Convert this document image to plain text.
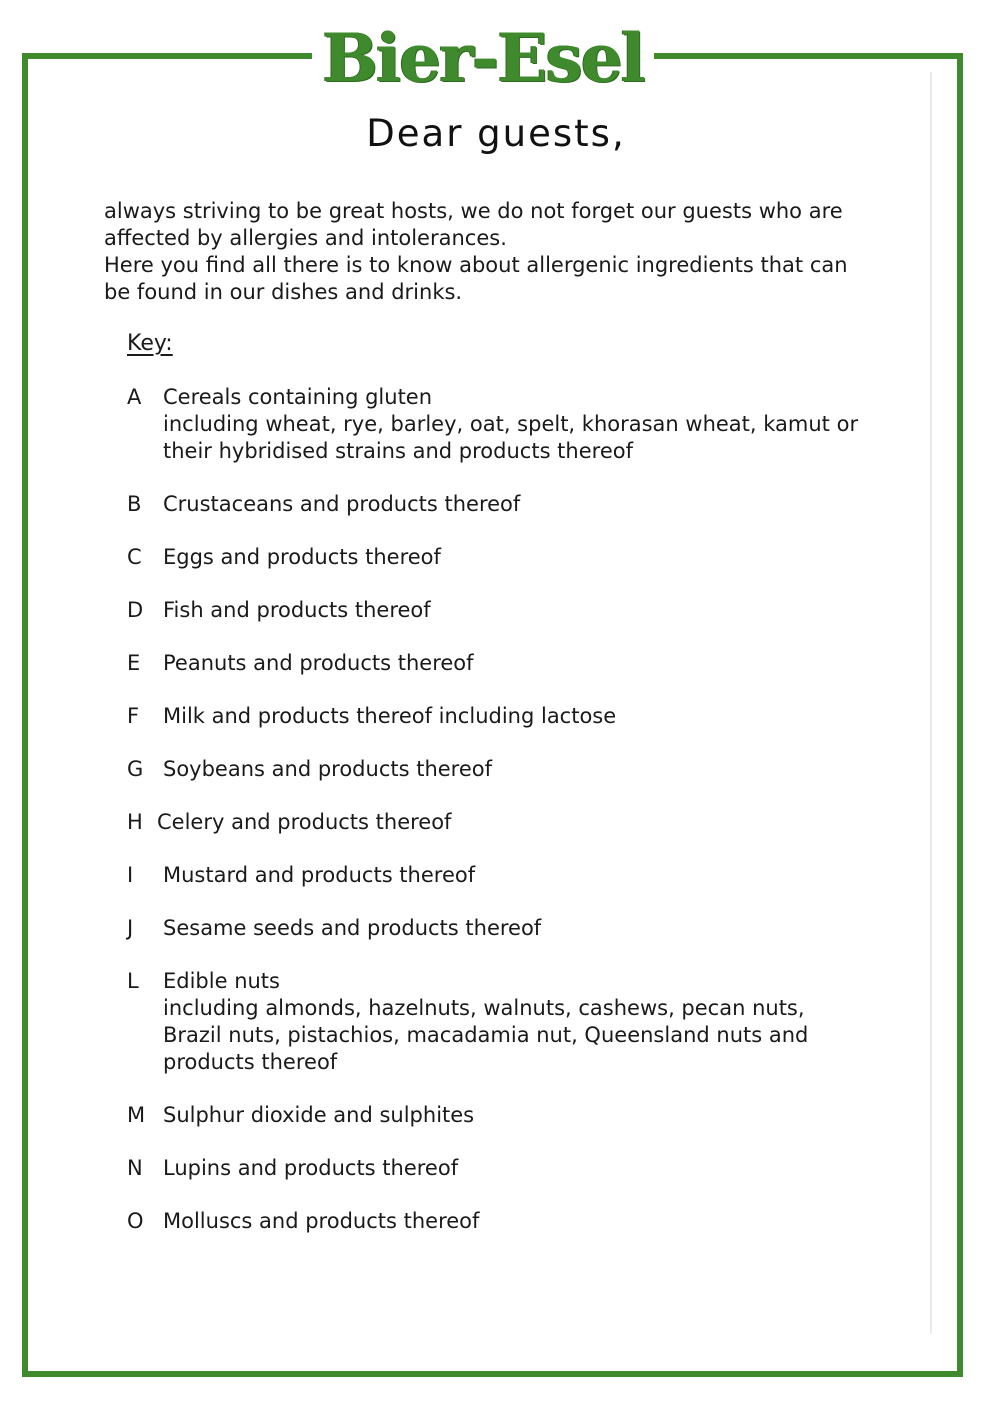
Bier-Esel
Dear guests,

always striving to be great hosts, we do not forget our guests who are
affected by allergies and intolerances.
Here you find all there is to know about allergenic ingredients that can
be found in our dishes and drinks.

Key:
A	Cereals containing gluten
including wheat, rye, barley, oat, spelt, khorasan wheat, kamut or
their hybridised strains and products thereof
B	Crustaceans and products thereof
C	Eggs and products thereof
D Fish and products thereof
E	Peanuts and products thereof
F	Milk and products thereof including lactose
G Soybeans and products thereof
H Celery and products thereof
I	Mustard and products thereof
J	Sesame seeds and products thereof
L	Edible nuts
including almonds, hazelnuts, walnuts, cashews, pecan nuts,
Brazil nuts, pistachios, macadamia nut, Queensland nuts and
products thereof
M Sulphur dioxide and sulphites
N Lupins and products thereof
O Molluscs and products thereof
